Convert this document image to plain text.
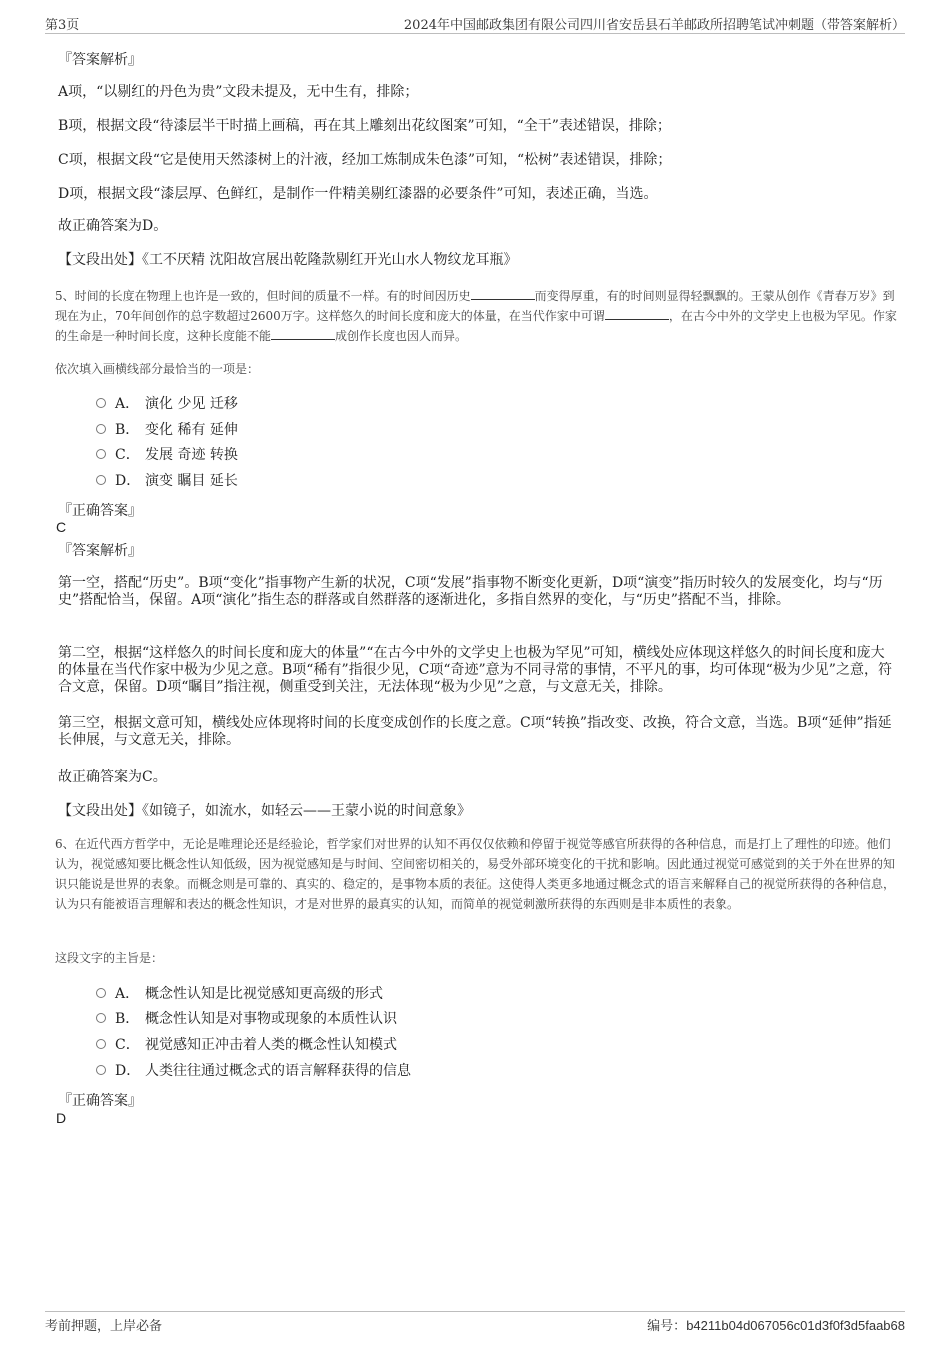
第3页	2024年中国邮政集团有限公司四川省安岳县石羊邮政所招聘笔试冲刺题（带答案解析）
『答案解析』
A项，“以剔红的丹色为贵”文段未提及，无中生有，排除；
B项，根据文段“待漆层半干时描上画稿，再在其上雕刻出花纹图案”可知，“全干”表述错误，排除；
C项，根据文段“它是使用天然漆树上的汁液，经加工炼制成朱色漆”可知，“松树”表述错误，排除；
D项，根据文段“漆层厚、色鲜红，是制作一件精美剔红漆器的必要条件”可知，表述正确，当选。
故正确答案为D。
【文段出处】《工不厌精 沈阳故宫展出乾隆款剔红开光山水人物纹龙耳瓶》
5、时间的长度在物理上也许是一致的，但时间的质量不一样。有的时间因历史	而变得厚重，有的时间则显得轻飘飘的。王蒙从创作《青春万岁》到现在为止，70年间创作的总字数超过2600万字。这样悠久的时间长度和庞大的体量，在当代作家中可谓	，在古今中外的文学史上也极为罕见。作家的生命是一种时间长度，这种长度能不能	成创作长度也因人而异。
依次填入画横线部分最恰当的一项是：
A． 演化 少见 迁移
B． 变化 稀有 延伸
C． 发展 奇迹 转换
D． 演变 瞩目 延长
『正确答案』
C
『答案解析』
第一空，搭配“历史”。B项“变化”指事物产生新的状况，C项“发展”指事物不断变化更新，D项“演变”指历时较久的发展变化，均与“历史”搭配恰当，保留。A项“演化”指生态的群落或自然群落的逐渐进化，多指自然界的变化，与“历史”搭配不当，排除。
第二空，根据“这样悠久的时间长度和庞大的体量”“在古今中外的文学史上也极为罕见”可知，横线处应体现这样悠久的时间长度和庞大的体量在当代作家中极为少见之意。B项“稀有”指很少见，C项“奇迹”意为不同寻常的事情，不平凡的事，均可体现“极为少见”之意，符合文意，保留。D项“瞩目”指注视，侧重受到关注，无法体现“极为少见”之意，与文意无关，排除。
第三空，根据文意可知，横线处应体现将时间的长度变成创作的长度之意。C项“转换”指改变、改换，符合文意，当选。B项“延伸”指延长伸展，与文意无关，排除。
故正确答案为C。
【文段出处】《如镜子，如流水，如轻云——王蒙小说的时间意象》
6、在近代西方哲学中，无论是唯理论还是经验论，哲学家们对世界的认知不再仅仅依赖和停留于视觉等感官所获得的各种信息，而是打上了理性的印迹。他们认为，视觉感知要比概念性认知低级，因为视觉感知是与时间、空间密切相关的，易受外部环境变化的干扰和影响。因此通过视觉可感觉到的关于外在世界的知识只能说是世界的表象。而概念则是可靠的、真实的、稳定的，是事物本质的表征。这使得人类更多地通过概念式的语言来解释自己的视觉所获得的各种信息，认为只有能被语言理解和表达的概念性知识，才是对世界的最真实的认知，而简单的视觉刺激所获得的东西则是非本质性的表象。
这段文字的主旨是：
A． 概念性认知是比视觉感知更高级的形式
B． 概念性认知是对事物或现象的本质性认识
C． 视觉感知正冲击着人类的概念性认知模式
D． 人类往往通过概念式的语言解释获得的信息
『正确答案』
D
考前押题，上岸必备	编号：b4211b04d067056c01d3f0f3d5faab68
